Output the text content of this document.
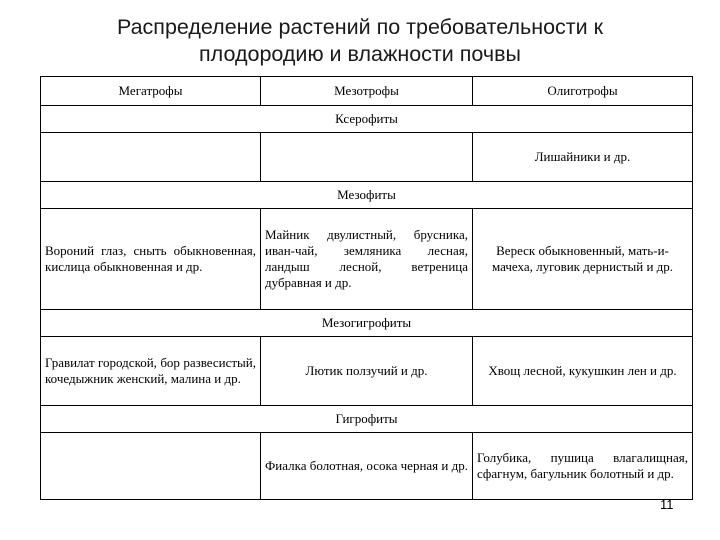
Распределение растений по требовательности к
плодородию и влажности почвы
Мегатрофы	Мезотрофы	Олиготрофы
Ксерофиты		
		Лишайники и др.
Мезофиты		
Вороний глаз, сныть обыкновенная, кислица обыкновенная и др.	Майник двулистный, брусника, иван-чай, земляника лесная, ландыш лесной, ветреница дубравная и др.	Вереск обыкновенный, мать-и-мачеха, луговик дернистый и др.
Мезогигрофиты		
Гравилат городской, бор развесистый, кочедыжник женский, малина и др.	Лютик ползучий и др.	Хвощ лесной, кукушкин лен и др.
Гигрофиты		
	Фиалка болотная, осока черная и др.	Голубика, пушица влагалищная, сфагнум, багульник болотный и др.
11
